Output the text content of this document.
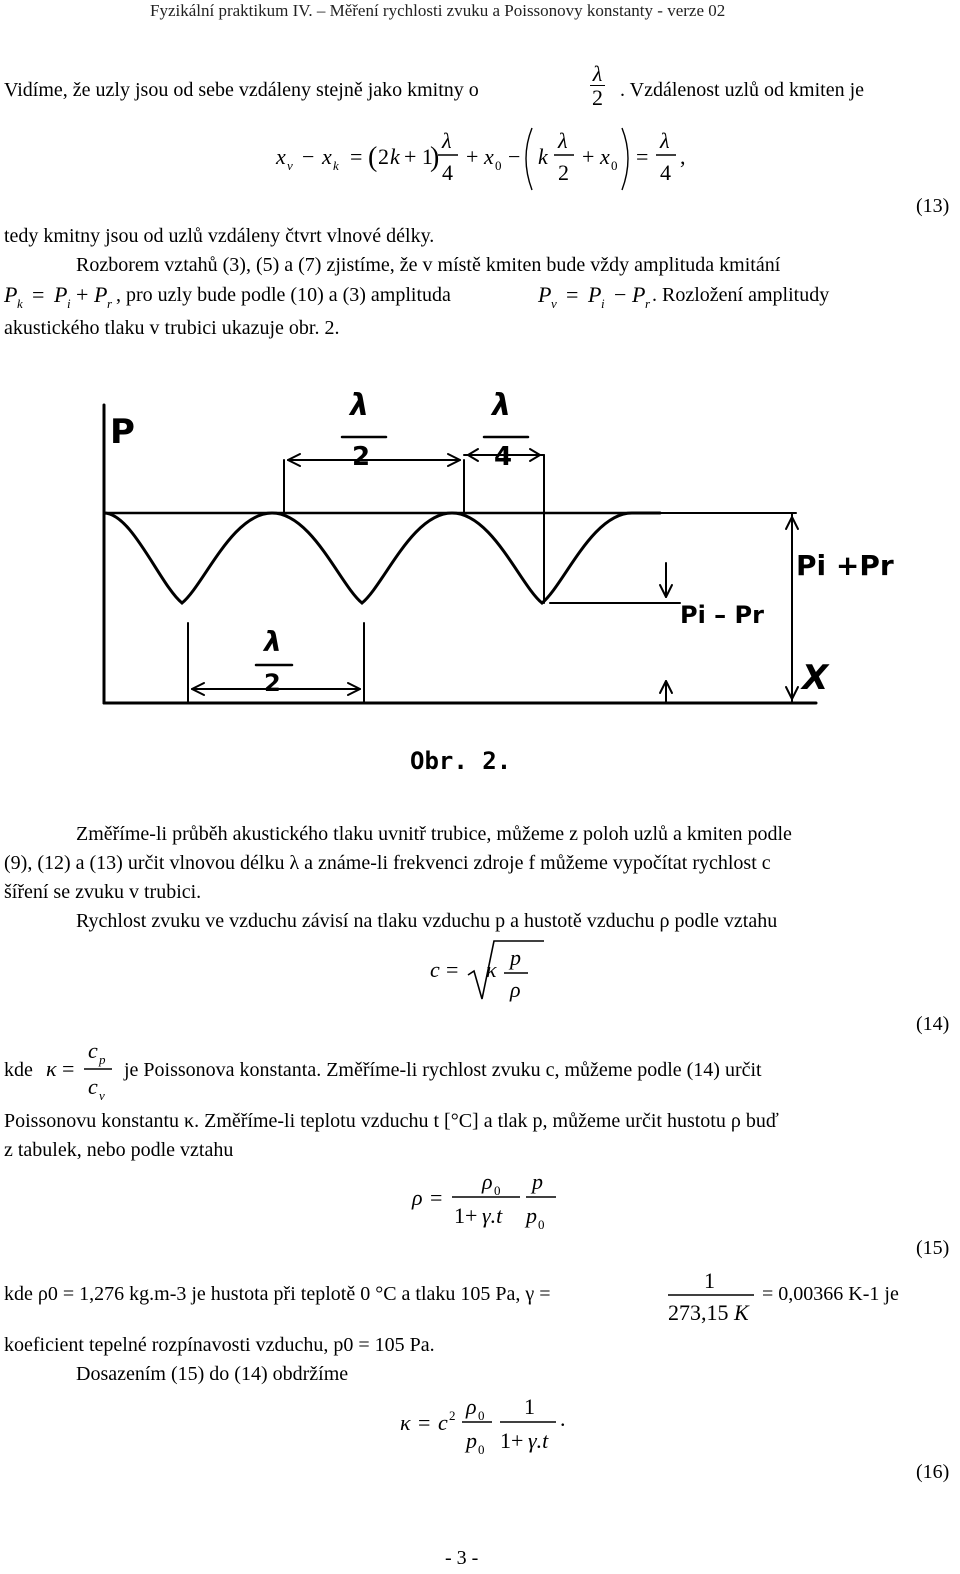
Fyzikální praktikum IV. – Měření rychlosti zvuku a Poissonovy konstanty - verze 02
Vidíme, že uzly jsou od sebe vzdáleny stejně jako kmitny o	$\frac{\lambda}{2}$ . Vzdálenost uzlů od kmiten je
x v − x k = ( 2 k + 1
)
λ
4
+ x 0 − k
λ
2
+ x 0 =
λ
4
,
(13)
tedy kmitny jsou od uzlů vzdáleny čtvrt vlnové délky.
Rozborem vztahů (3), (5) a (7) zjistíme, že v místě kmiten bude vždy amplituda kmitání
P k = P i + P r , pro uzly bude podle (10) a (3) amplituda	P v = P i − P r . Rozložení amplitudy
akustického tlaku v trubici ukazuje obr. 2.
P
λ
2
λ
4
Pi +Pr
Pi – Pr
λ
2	X
Obr. 2.
Změříme-li průběh akustického tlaku uvnitř trubice, můžeme z poloh uzlů a kmiten podle
(9), (12) a (13) určit vlnovou délku λ a známe-li frekvenci zdroje f můžeme vypočítat rychlost c
šíření se zvuku v trubici.
Rychlost zvuku ve vzduchu závisí na tlaku vzduchu p a hustotě vzduchu ρ podle vztahu
c = κ p
ρ
(14)
kde κ =
c p
c v
je Poissonova konstanta. Změříme-li rychlost zvuku c, můžeme podle (14) určit
Poissonovu konstantu κ. Změříme-li teplotu vzduchu t [°C] a tlak p, můžeme určit hustotu ρ buď
z tabulek, nebo podle vztahu
ρ =
ρ 0
1+ γ.t
p
p 0
(15)
kde ρ0 = 1,276 kg.m-3 je hustota při teplotě 0 °C a tlaku 105 Pa, γ =
1
273,15 K
= 0,00366 K-1 je
koeficient tepelné rozpínavosti vzduchu, p0 = 105 Pa.
Dosazením (15) do (14) obdržíme
κ = c 2 ρ 0
p 0
1
1+ γ.t
.
(16)
- 3 -
